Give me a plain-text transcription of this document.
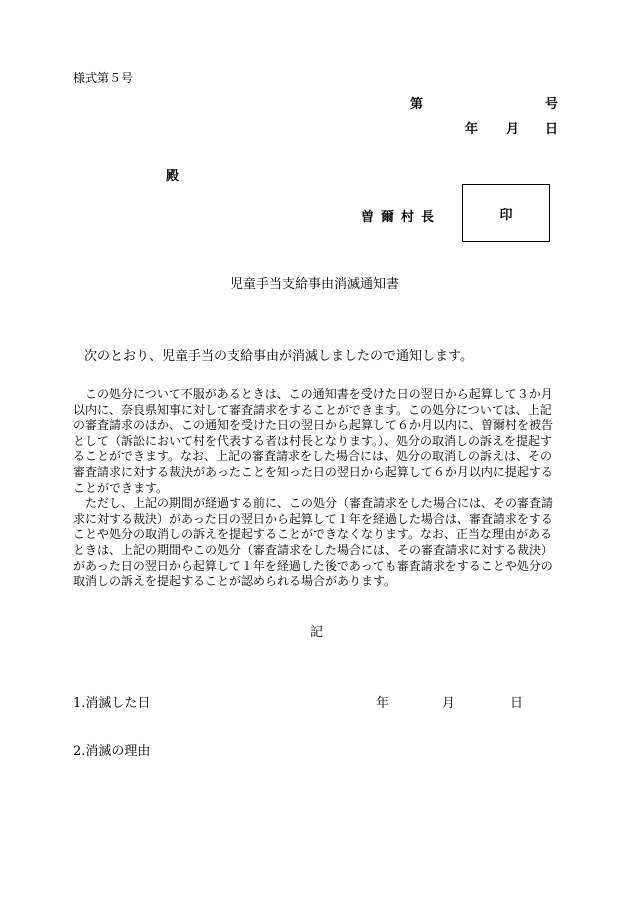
様式第５号
第	号
年 月 日
殿
曽爾村長	印
児童手当支給事由消滅通知書
次のとおり、児童手当の支給事由が消滅しましたので通知します。

この処分について不服があるときは、この通知書を受けた日の翌日から起算して３か月以内に、奈良県知事に対して審査請求をすることができます。この処分については、上記の審査請求のほか、この通知を受けた日の翌日から起算して６か月以内に、曽爾村を被告として（訴訟において村を代表する者は村長となります。）、処分の取消しの訴えを提起することができます。なお、上記の審査請求をした場合には、処分の取消しの訴えは、その審査請求に対する裁決があったことを知った日の翌日から起算して６か月以内に提起することができます。

ただし、上記の期間が経過する前に、この処分（審査請求をした場合には、その審査請求に対する裁決）があった日の翌日から起算して１年を経過した場合は、審査請求をすることや処分の取消しの訴えを提起することができなくなります。なお、正当な理由があるときは、上記の期間やこの処分（審査請求をした場合には、その審査請求に対する裁決）があった日の翌日から起算して１年を経過した後であっても審査請求をすることや処分の取消しの訴えを提起することが認められる場合があります。

記
1.消滅した日	年	月	日
2.消滅の理由
